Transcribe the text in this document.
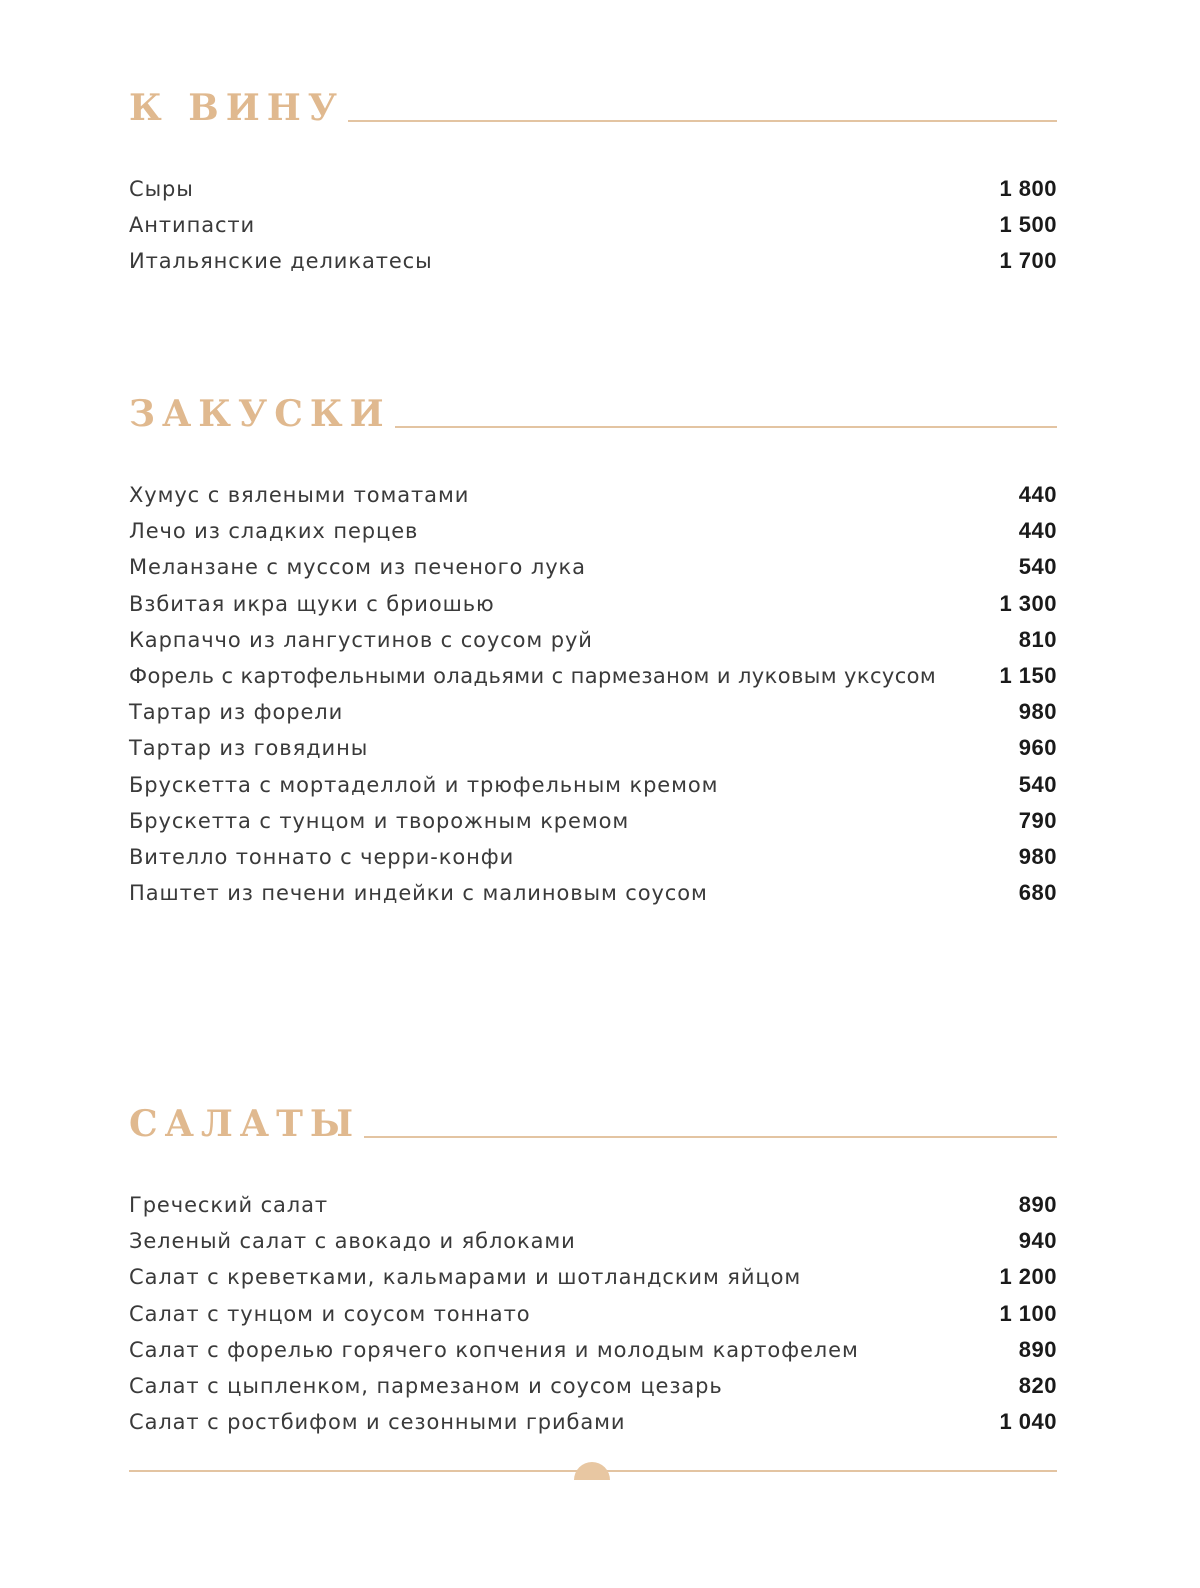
К ВИНУ
Сыры	1 800
Антипасти	1 500
Итальянские деликатесы	1 700
ЗАКУСКИ
Хумус с вялеными томатами	440
Лечо из сладких перцев	440
Меланзане с муссом из печеного лука	540
Взбитая икра щуки с бриошью	1 300
Карпаччо из лангустинов с соусом руй	810
Форель с картофельными оладьями с пармезаном и луковым уксусом	1 150
Тартар из форели	980
Тартар из говядины	960
Брускетта с мортаделлой и трюфельным кремом	540
Брускетта с тунцом и творожным кремом	790
Вителло тоннато с черри-конфи	980
Паштет из печени индейки с малиновым соусом	680
САЛАТЫ
Греческий салат	890
Зеленый салат с авокадо и яблоками	940
Салат с креветками, кальмарами и шотландским яйцом	1 200
Салат с тунцом и соусом тоннато	1 100
Салат с форелью горячего копчения и молодым картофелем	890
Салат с цыпленком, пармезаном и соусом цезарь	820
Салат с ростбифом и сезонными грибами	1 040
